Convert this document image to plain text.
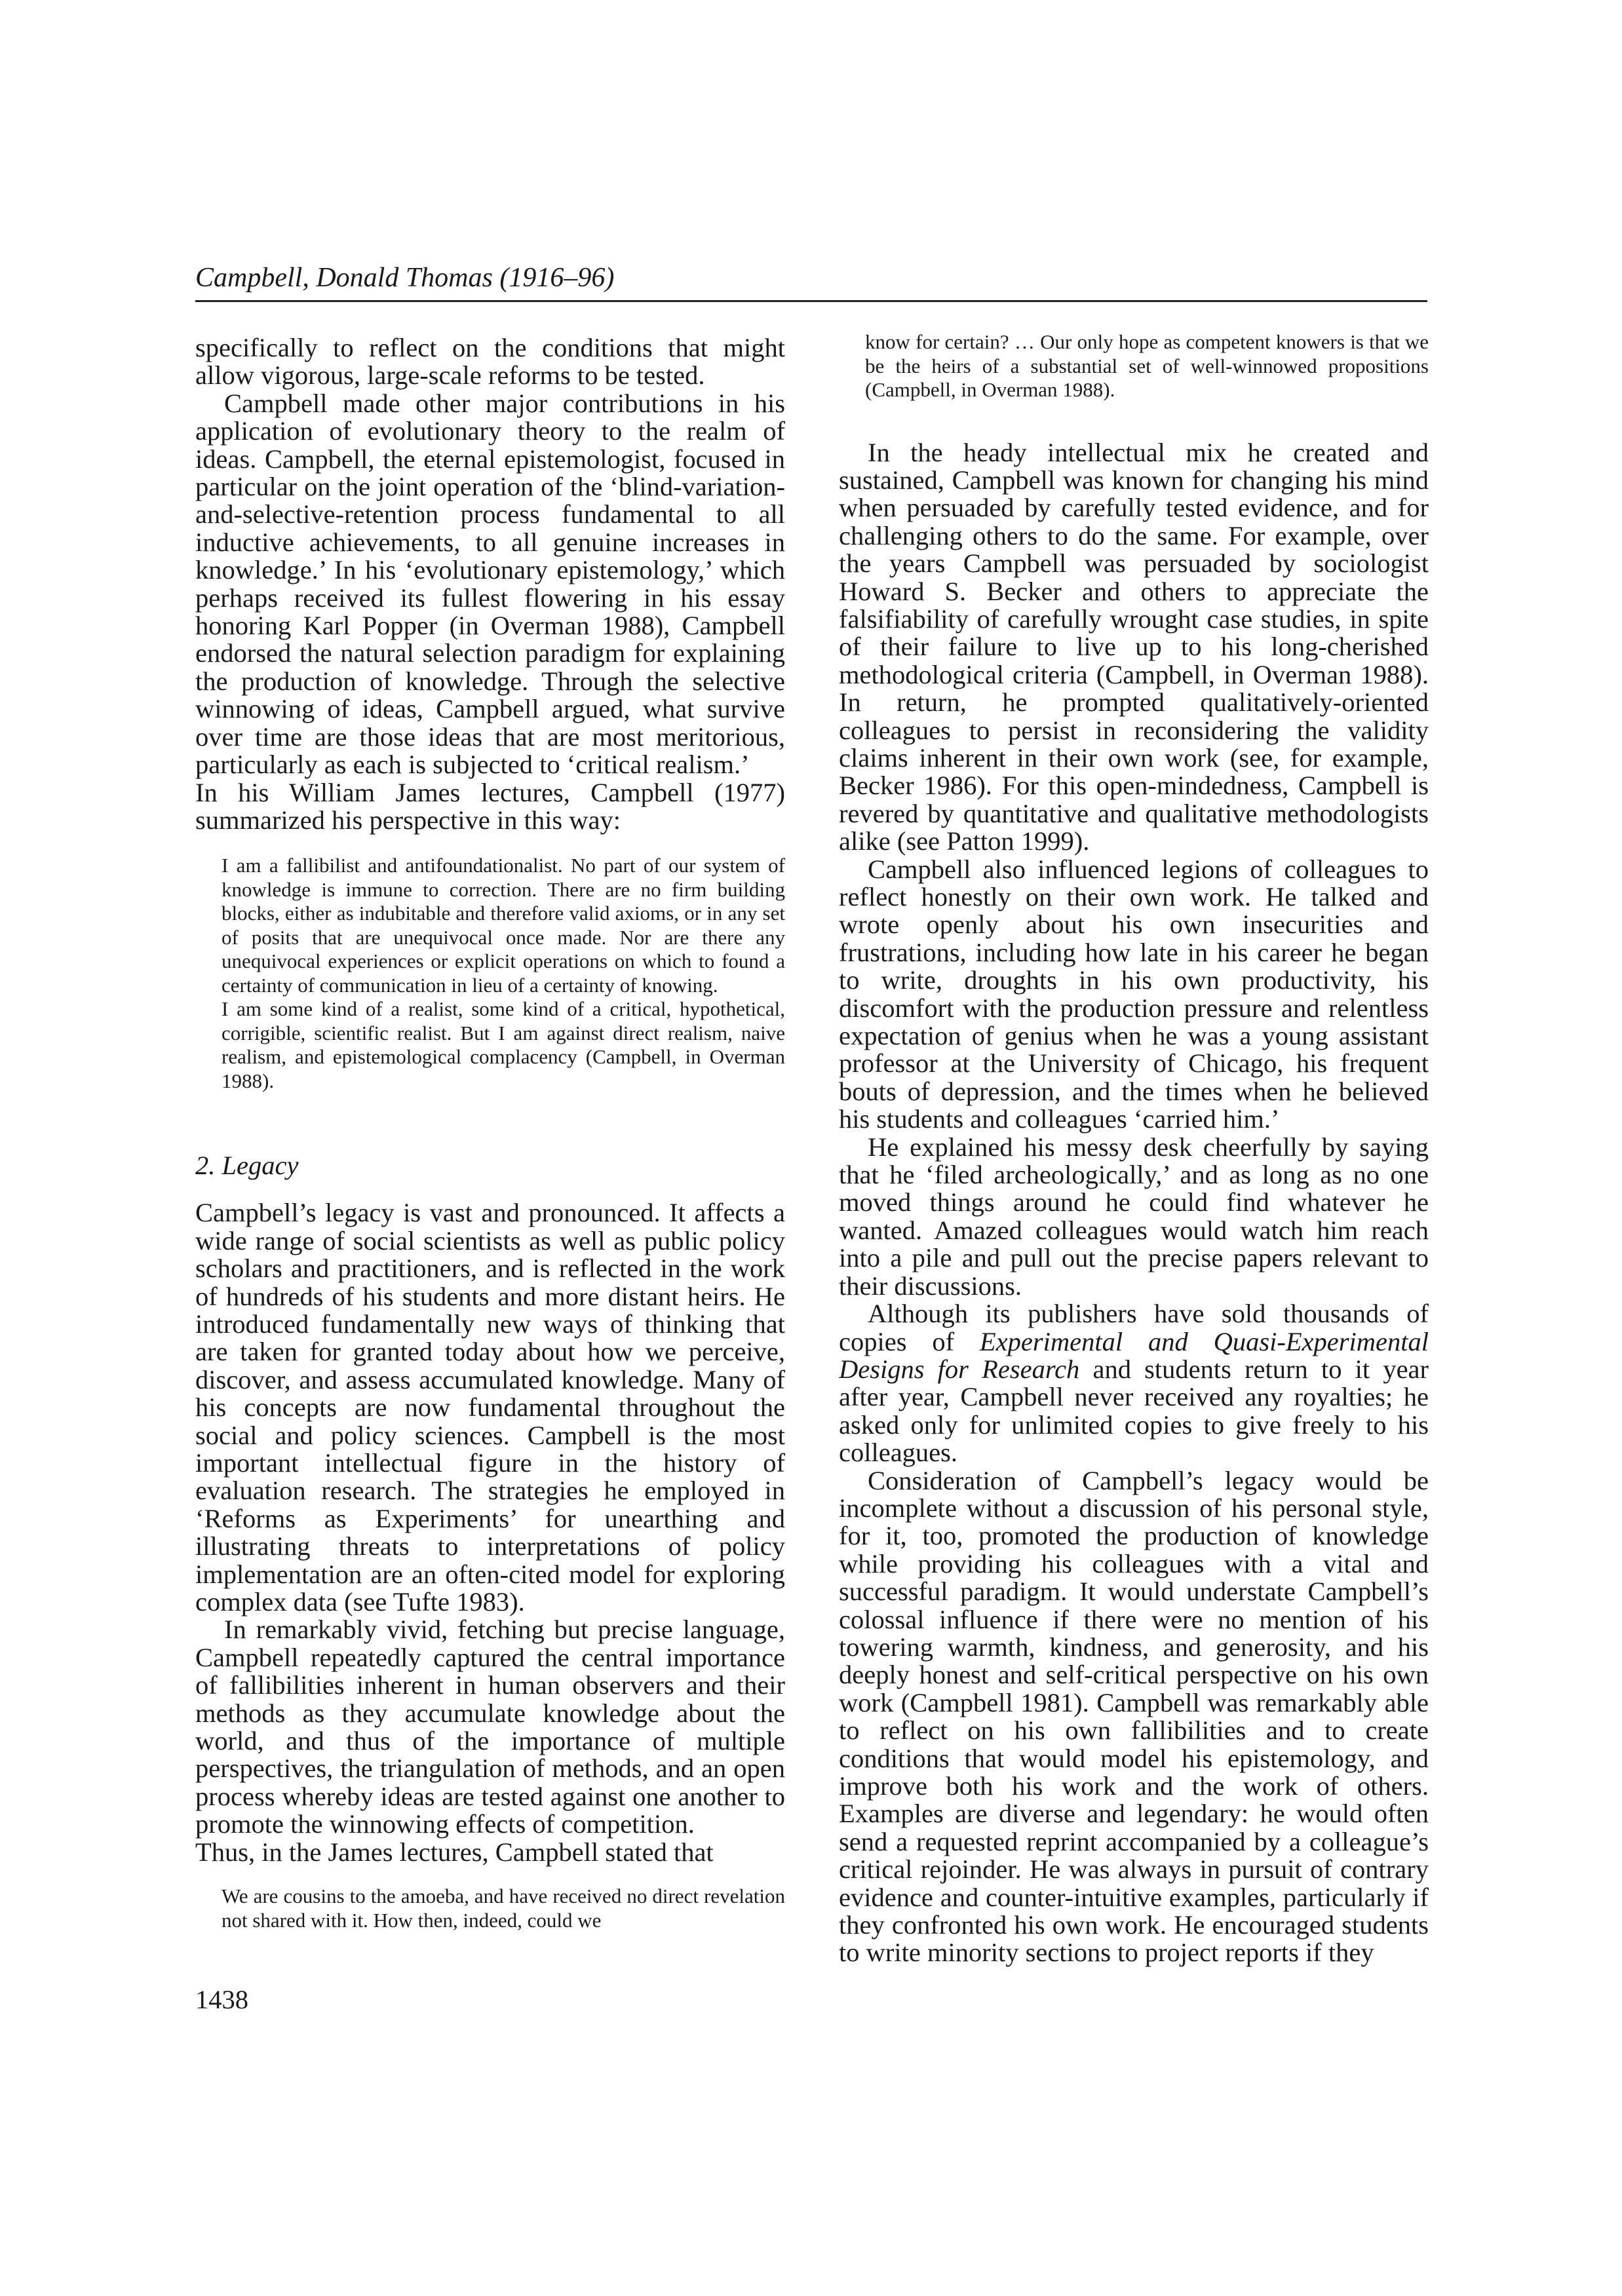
Campbell, Donald Thomas (1916–96)

specifically to reflect on the conditions that might allow vigorous, large-scale reforms to be tested.

Campbell made other major contributions in his application of evolutionary theory to the realm of ideas. Campbell, the eternal epistemologist, focused in particular on the joint operation of the ‘blind-variation-and-selective-retention process fundamental to all inductive achievements, to all genuine increases in knowledge.’ In his ‘evolutionary epistemology,’ which perhaps received its fullest flowering in his essay honoring Karl Popper (in Overman 1988), Campbell endorsed the natural selection paradigm for explaining the production of knowledge. Through the selective winnowing of ideas, Campbell argued, what survive over time are those ideas that are most meritorious, particularly as each is subjected to ‘critical realism.’

In his William James lectures, Campbell (1977) summarized his perspective in this way:

I am a fallibilist and antifoundationalist. No part of our system of knowledge is immune to correction. There are no firm building blocks, either as indubitable and therefore valid axioms, or in any set of posits that are unequivocal once made. Nor are there any unequivocal experiences or explicit operations on which to found a certainty of communication in lieu of a certainty of knowing.
I am some kind of a realist, some kind of a critical, hypothetical, corrigible, scientific realist. But I am against direct realism, naive realism, and epistemological complacency (Campbell, in Overman 1988).
2. Legacy

Campbell’s legacy is vast and pronounced. It affects a wide range of social scientists as well as public policy scholars and practitioners, and is reflected in the work of hundreds of his students and more distant heirs. He introduced fundamentally new ways of thinking that are taken for granted today about how we perceive, discover, and assess accumulated knowledge. Many of his concepts are now fundamental throughout the social and policy sciences. Campbell is the most important intellectual figure in the history of evaluation research. The strategies he employed in ‘Reforms as Experiments’ for unearthing and illustrating threats to interpretations of policy implementation are an often-cited model for exploring complex data (see Tufte 1983).

In remarkably vivid, fetching but precise language, Campbell repeatedly captured the central importance of fallibilities inherent in human observers and their methods as they accumulate knowledge about the world, and thus of the importance of multiple perspectives, the triangulation of methods, and an open process whereby ideas are tested against one another to promote the winnowing effects of competition.

Thus, in the James lectures, Campbell stated that

We are cousins to the amoeba, and have received no direct revelation not shared with it. How then, indeed, could we
know for certain? … Our only hope as competent knowers is that we be the heirs of a substantial set of well-winnowed propositions (Campbell, in Overman 1988).

In the heady intellectual mix he created and sustained, Campbell was known for changing his mind when persuaded by carefully tested evidence, and for challenging others to do the same. For example, over the years Campbell was persuaded by sociologist Howard S. Becker and others to appreciate the falsifiability of carefully wrought case studies, in spite of their failure to live up to his long-cherished methodological criteria (Campbell, in Overman 1988). In return, he prompted qualitatively-oriented colleagues to persist in reconsidering the validity claims inherent in their own work (see, for example, Becker 1986). For this open-mindedness, Campbell is revered by quantitative and qualitative methodologists alike (see Patton 1999).

Campbell also influenced legions of colleagues to reflect honestly on their own work. He talked and wrote openly about his own insecurities and frustrations, including how late in his career he began to write, droughts in his own productivity, his discomfort with the production pressure and relentless expectation of genius when he was a young assistant professor at the University of Chicago, his frequent bouts of depression, and the times when he believed his students and colleagues ‘carried him.’

He explained his messy desk cheerfully by saying that he ‘filed archeologically,’ and as long as no one moved things around he could find whatever he wanted. Amazed colleagues would watch him reach into a pile and pull out the precise papers relevant to their discussions.

Although its publishers have sold thousands of copies of Experimental and Quasi-Experimental Designs for Research and students return to it year after year, Campbell never received any royalties; he asked only for unlimited copies to give freely to his colleagues.

Consideration of Campbell’s legacy would be incomplete without a discussion of his personal style, for it, too, promoted the production of knowledge while providing his colleagues with a vital and successful paradigm. It would understate Campbell’s colossal influence if there were no mention of his towering warmth, kindness, and generosity, and his deeply honest and self-critical perspective on his own work (Campbell 1981). Campbell was remarkably able to reflect on his own fallibilities and to create conditions that would model his epistemology, and improve both his work and the work of others. Examples are diverse and legendary: he would often send a requested reprint accompanied by a colleague’s critical rejoinder. He was always in pursuit of contrary evidence and counter-intuitive examples, particularly if they confronted his own work. He encouraged students to write minority sections to project reports if they

1438
